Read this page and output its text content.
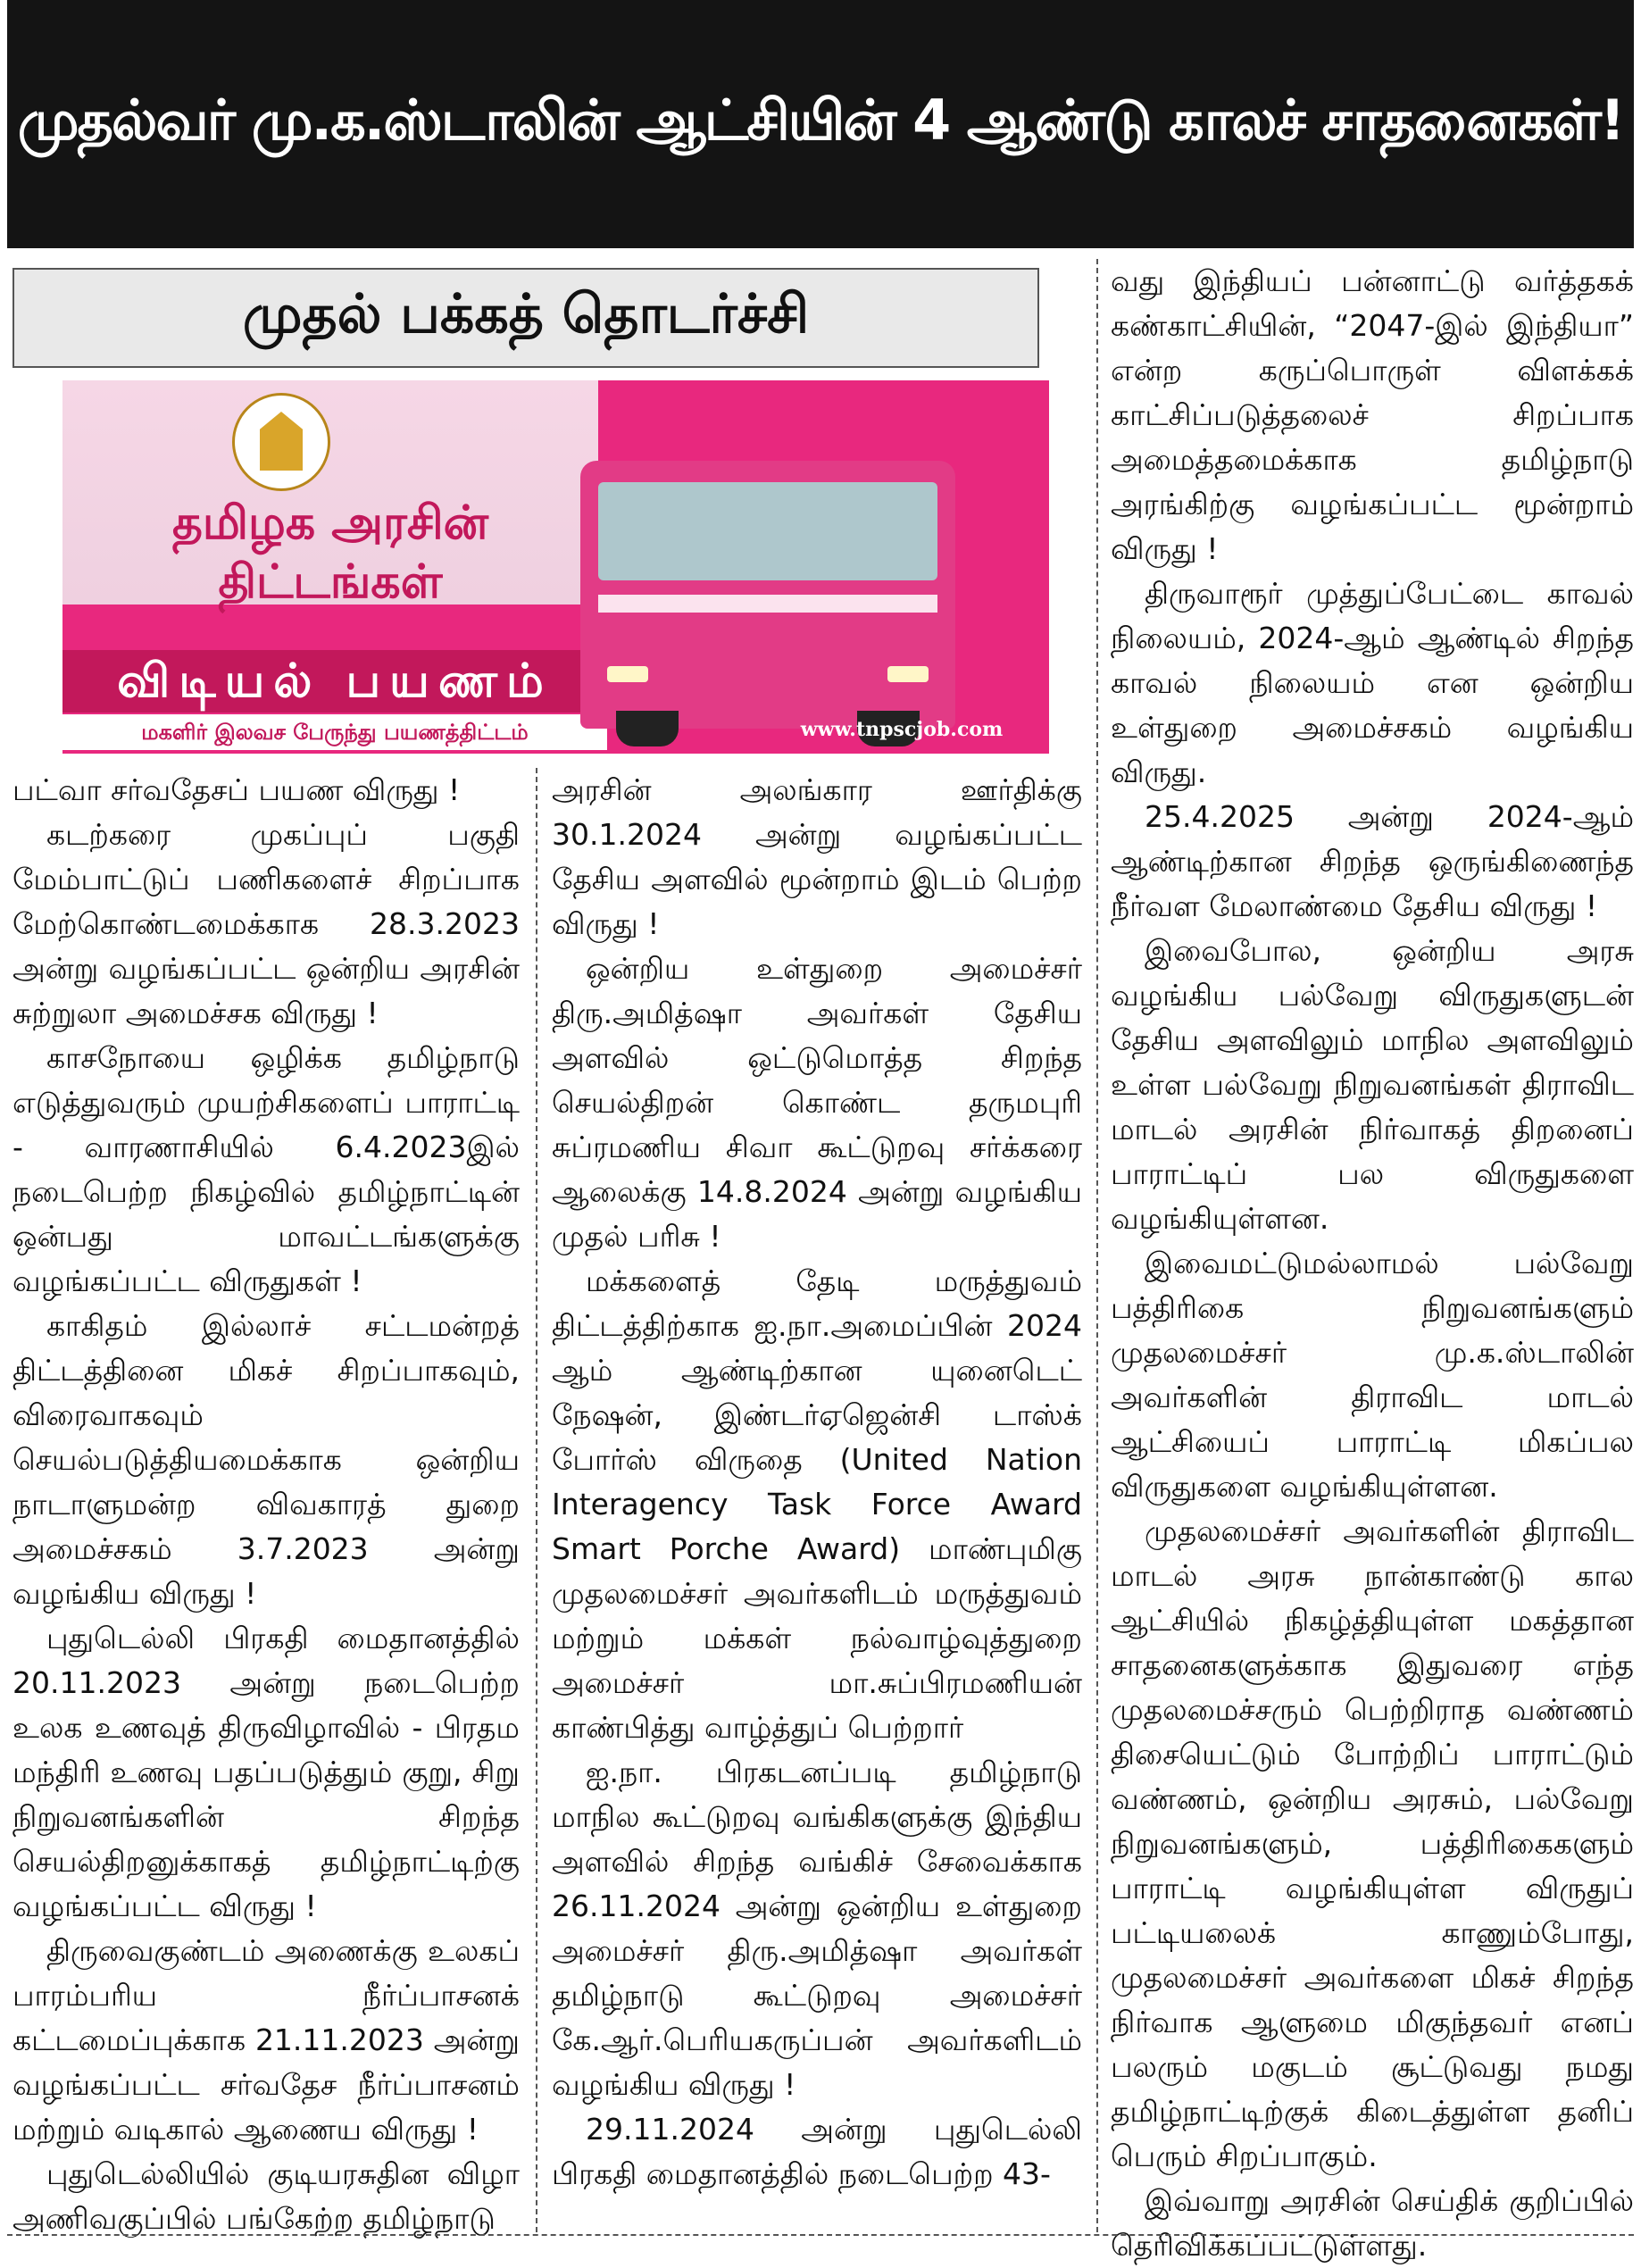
முதல்வர் மு.க.ஸ்டாலின் ஆட்சியின் 4 ஆண்டு காலச் சாதனைகள்!
முதல் பக்கத் தொடர்ச்சி
தமிழக அரசின்
திட்டங்கள்
விடியல் பயணம்
மகளிர் இலவச பேருந்து பயணத்திட்டம்	www.tnpscjob.com

பட்வா சர்வதேசப் பயண விருது !

கடற்கரை முகப்புப் பகுதி மேம்பாட்டுப் பணிகளைச் சிறப்பாக மேற்கொண்டமைக்காக 28.3.2023 அன்று வழங்கப்பட்ட ஒன்றிய அரசின் சுற்றுலா அமைச்சக விருது !

காசநோயை ஒழிக்க தமிழ்நாடு எடுத்துவரும் முயற்சிகளைப் பாராட்டி - வாரணாசியில் 6.4.2023இல் நடைபெற்ற நிகழ்வில் தமிழ்நாட்டின் ஒன்பது மாவட்டங்களுக்கு வழங்கப்பட்ட விருதுகள் !

காகிதம் இல்லாச் சட்டமன்றத் திட்டத்தினை மிகச் சிறப்பாகவும், விரைவாகவும் செயல்படுத்தியமைக்காக ஒன்றிய நாடாளுமன்ற விவகாரத் துறை அமைச்சகம் 3.7.2023 அன்று வழங்கிய விருது !

புதுடெல்லி பிரகதி மைதானத்தில் 20.11.2023 அன்று நடைபெற்ற உலக உணவுத் திருவிழாவில் - பிரதம மந்திரி உணவு பதப்படுத்தும் குறு, சிறு நிறுவனங்களின் சிறந்த செயல்திறனுக்காகத் தமிழ்நாட்டிற்கு வழங்கப்பட்ட விருது !

திருவைகுண்டம் அணைக்கு உலகப் பாரம்பரிய நீர்ப்பாசனக் கட்டமைப்புக்காக 21.11.2023 அன்று வழங்கப்பட்ட சர்வதேச நீர்ப்பாசனம் மற்றும் வடிகால் ஆணைய விருது !

புதுடெல்லியில் குடியரசுதின விழா அணிவகுப்பில் பங்கேற்ற தமிழ்நாடு

அரசின் அலங்கார ஊர்திக்கு 30.1.2024 அன்று வழங்கப்பட்ட தேசிய அளவில் மூன்றாம் இடம் பெற்ற விருது !

ஒன்றிய உள்துறை அமைச்சர் திரு.அமித்ஷா அவர்கள் தேசிய அளவில் ஒட்டுமொத்த சிறந்த செயல்திறன் கொண்ட தருமபுரி சுப்ரமணிய சிவா கூட்டுறவு சர்க்கரை ஆலைக்கு 14.8.2024 அன்று வழங்கிய முதல் பரிசு !

மக்களைத் தேடி மருத்துவம் திட்டத்திற்காக ஐ.நா.அமைப்பின் 2024 ஆம் ஆண்டிற்கான யுனைடெட் நேஷன், இண்டர்ஏஜென்சி டாஸ்க் போர்ஸ் விருதை (United Nation Interagency Task Force Award Smart Porche Award) மாண்புமிகு முதலமைச்சர் அவர்களிடம் மருத்துவம் மற்றும் மக்கள் நல்வாழ்வுத்துறை அமைச்சர் மா.சுப்பிரமணியன் காண்பித்து வாழ்த்துப் பெற்றார்

ஐ.நா. பிரகடனப்படி தமிழ்நாடு மாநில கூட்டுறவு வங்கிகளுக்கு இந்திய அளவில் சிறந்த வங்கிச் சேவைக்காக 26.11.2024 அன்று ஒன்றிய உள்துறை அமைச்சர் திரு.அமித்ஷா அவர்கள் தமிழ்நாடு கூட்டுறவு அமைச்சர் கே.ஆர்.பெரியகருப்பன் அவர்களிடம் வழங்கிய விருது !

29.11.2024 அன்று புதுடெல்லி பிரகதி மைதானத்தில் நடைபெற்ற 43-

வது இந்தியப் பன்னாட்டு வர்த்தகக் கண்காட்சியின், “2047-இல் இந்தியா” என்ற கருப்பொருள் விளக்கக் காட்சிப்படுத்தலைச் சிறப்பாக அமைத்தமைக்காக தமிழ்நாடு அரங்கிற்கு வழங்கப்பட்ட மூன்றாம் விருது !

திருவாரூர் முத்துப்பேட்டை காவல் நிலையம், 2024-ஆம் ஆண்டில் சிறந்த காவல் நிலையம் என ஒன்றிய உள்துறை அமைச்சகம் வழங்கிய விருது.

25.4.2025 அன்று 2024-ஆம் ஆண்டிற்கான சிறந்த ஒருங்கிணைந்த நீர்வள மேலாண்மை தேசிய விருது !

இவைபோல, ஒன்றிய அரசு வழங்கிய பல்வேறு விருதுகளுடன் தேசிய அளவிலும் மாநில அளவிலும் உள்ள பல்வேறு நிறுவனங்கள் திராவிட மாடல் அரசின் நிர்வாகத் திறனைப் பாராட்டிப் பல விருதுகளை வழங்கியுள்ளன.

இவைமட்டுமல்லாமல் பல்வேறு பத்திரிகை நிறுவனங்களும் முதலமைச்சர் மு.க.ஸ்டாலின் அவர்களின் திராவிட மாடல் ஆட்சியைப் பாராட்டி மிகப்பல விருதுகளை வழங்கியுள்ளன.

முதலமைச்சர் அவர்களின் திராவிட மாடல் அரசு நான்காண்டு கால ஆட்சியில் நிகழ்த்தியுள்ள மகத்தான சாதனைகளுக்காக இதுவரை எந்த முதலமைச்சரும் பெற்றிராத வண்ணம் திசையெட்டும் போற்றிப் பாராட்டும் வண்ணம், ஒன்றிய அரசும், பல்வேறு நிறுவனங்களும், பத்திரிகைகளும் பாராட்டி வழங்கியுள்ள விருதுப் பட்டியலைக் காணும்போது, முதலமைச்சர் அவர்களை மிகச் சிறந்த நிர்வாக ஆளுமை மிகுந்தவர் எனப் பலரும் மகுடம் சூட்டுவது நமது தமிழ்நாட்டிற்குக் கிடைத்துள்ள தனிப் பெரும் சிறப்பாகும்.

இவ்வாறு அரசின் செய்திக் குறிப்பில் தெரிவிக்கப்பட்டுள்ளது.
